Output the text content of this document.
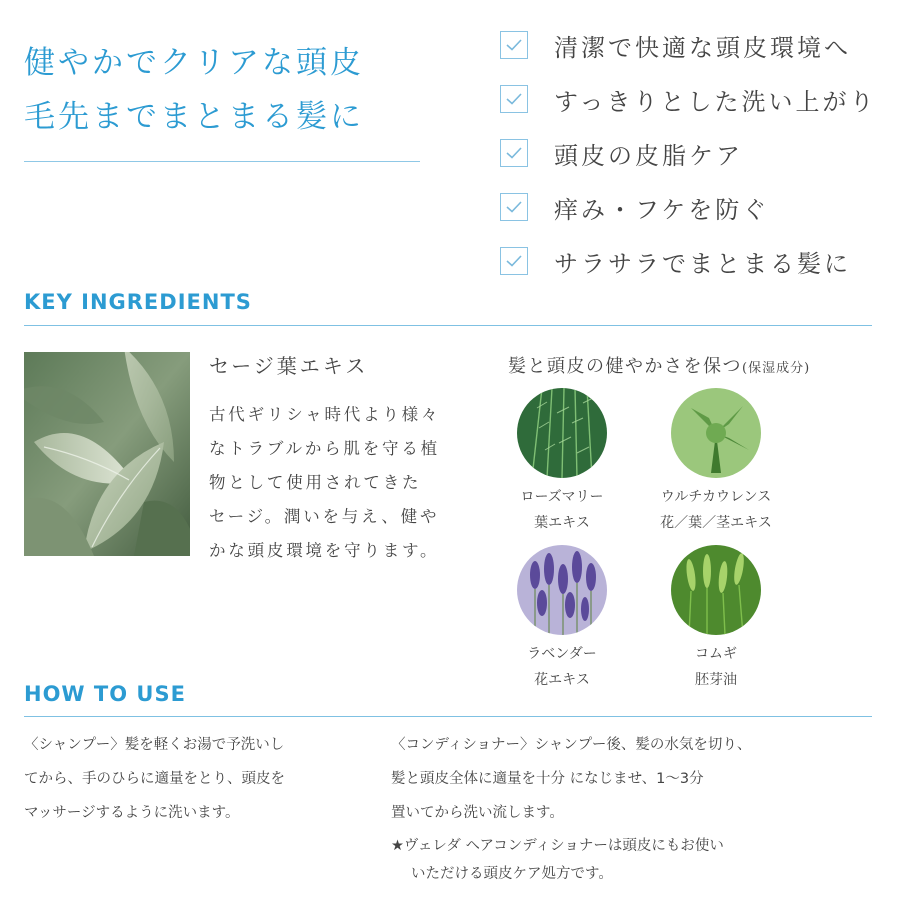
健やかでクリアな頭皮
毛先までまとまる髪に
清潔で快適な頭皮環境へ
すっきりとした洗い上がり
頭皮の皮脂ケア
痒み・フケを防ぐ
サラサラでまとまる髪に
KEY INGREDIENTS
セージ葉エキス
古代ギリシャ時代より様々
なトラブルから肌を守る植
物として使用されてきた
セージ。潤いを与え、健や
かな頭皮環境を守ります。
髪と頭皮の健やかさを保つ(保湿成分)
ローズマリー
葉エキス
ウルチカウレンス
花／葉／茎エキス
ラベンダー
花エキス
コムギ
胚芽油
HOW TO USE
〈シャンプー〉髪を軽くお湯で予洗いし
てから、手のひらに適量をとり、頭皮を
マッサージするように洗います。
〈コンディショナー〉シャンプー後、髪の水気を切り、
髪と頭皮全体に適量を十分 になじませ、1〜3分
置いてから洗い流します。
★ヴェレダ ヘアコンディショナーは頭皮にもお使い
いただける頭皮ケア処方です。
